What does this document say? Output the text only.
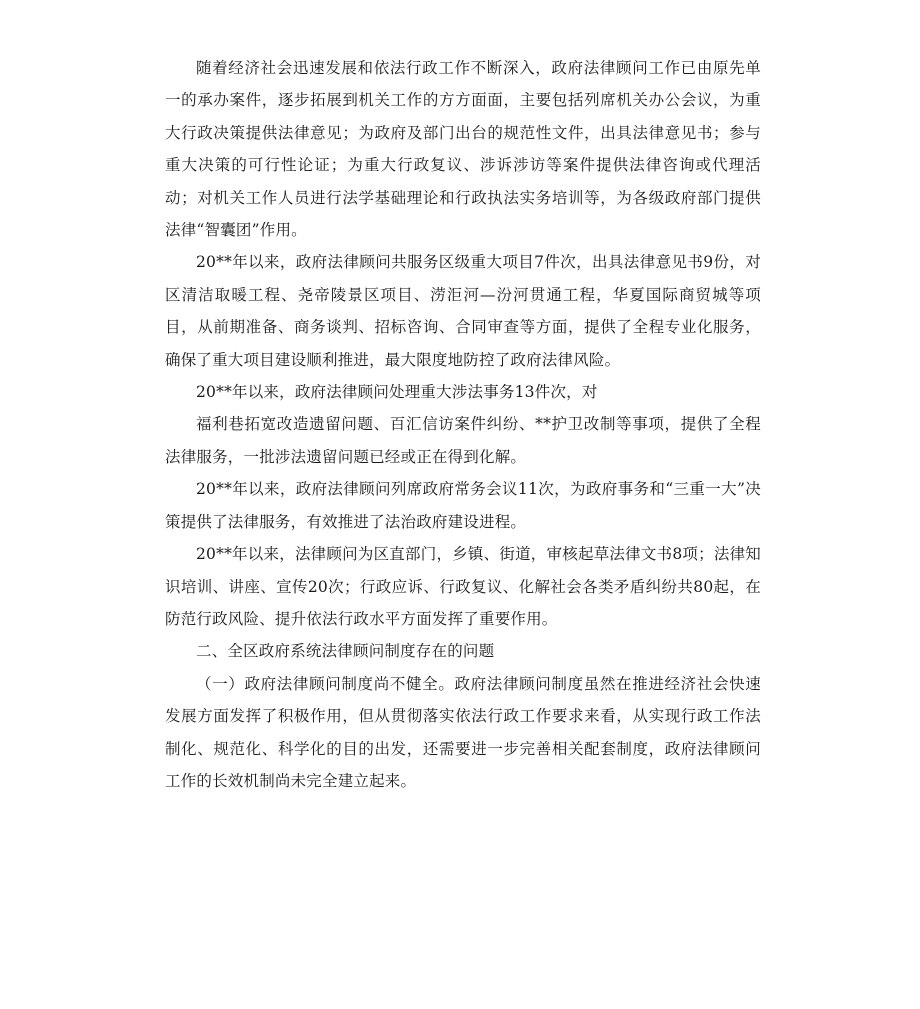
随着经济社会迅速发展和依法行政工作不断深入，政府法律顾问工作已由原先单一的承办案件，逐步拓展到机关工作的方方面面，主要包括列席机关办公会议，为重大行政决策提供法律意见；为政府及部门出台的规范性文件，出具法律意见书；参与重大决策的可行性论证；为重大行政复议、涉诉涉访等案件提供法律咨询或代理活动；对机关工作人员进行法学基础理论和行政执法实务培训等，为各级政府部门提供法律“智囊团”作用。

20**年以来，政府法律顾问共服务区级重大项目7件次，出具法律意见书9份，对区清洁取暖工程、尧帝陵景区项目、涝洰河—汾河贯通工程，华夏国际商贸城等项目，从前期准备、商务谈判、招标咨询、合同审查等方面，提供了全程专业化服务，确保了重大项目建设顺利推进，最大限度地防控了政府法律风险。

20**年以来，政府法律顾问处理重大涉法事务13件次，对

福利巷拓宽改造遗留问题、百汇信访案件纠纷、**护卫改制等事项，提供了全程法律服务，一批涉法遗留问题已经或正在得到化解。

20**年以来，政府法律顾问列席政府常务会议11次，为政府事务和“三重一大”决策提供了法律服务，有效推进了法治政府建设进程。

20**年以来，法律顾问为区直部门，乡镇、街道，审核起草法律文书8项；法律知识培训、讲座、宣传20次；行政应诉、行政复议、化解社会各类矛盾纠纷共80起，在防范行政风险、提升依法行政水平方面发挥了重要作用。

二、全区政府系统法律顾问制度存在的问题

（一）政府法律顾问制度尚不健全。政府法律顾问制度虽然在推进经济社会快速发展方面发挥了积极作用，但从贯彻落实依法行政工作要求来看，从实现行政工作法制化、规范化、科学化的目的出发，还需要进一步完善相关配套制度，政府法律顾问工作的长效机制尚未完全建立起来。
